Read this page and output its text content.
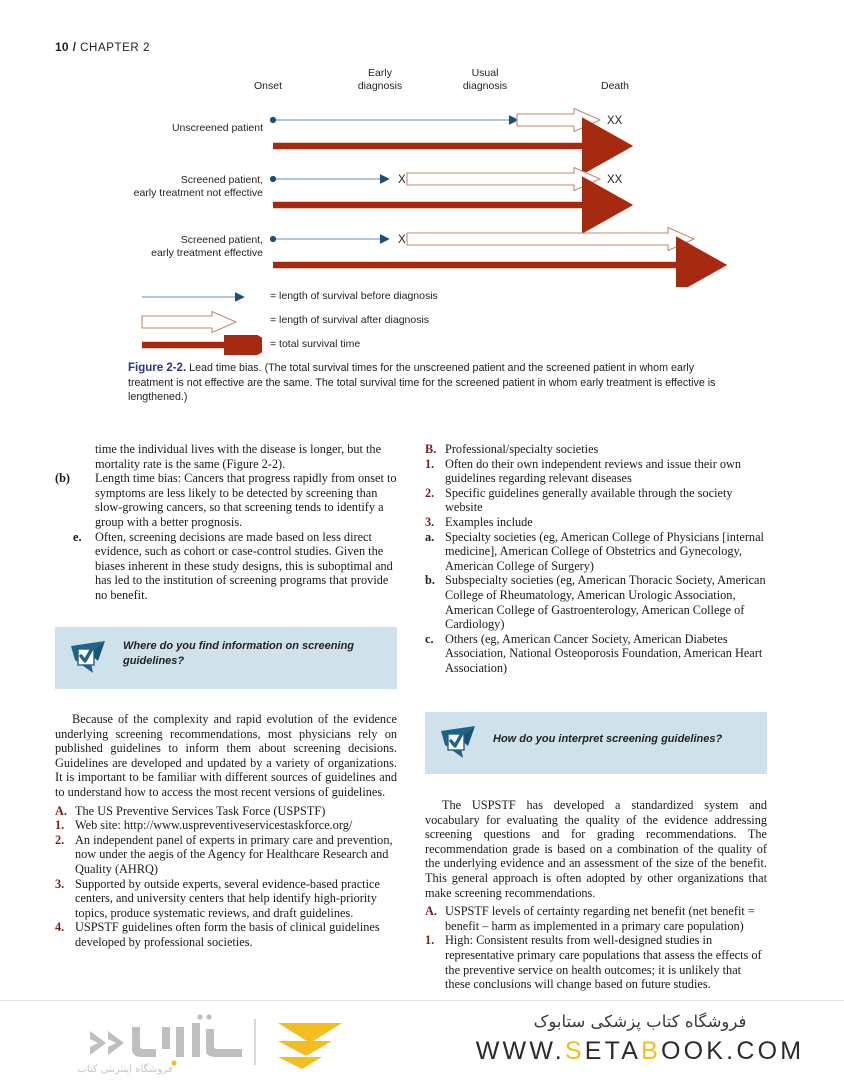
10 / CHAPTER 2
Onset
Early
diagnosis
Usual
diagnosis	Death
Unscreened patient
Screened patient,
early treatment not effective
Screened patient,
early treatment effective
XX
X	XX
X
= length of survival before diagnosis
= length of survival after diagnosis
= total survival time
Figure 2-2. Lead time bias. (The total survival times for the unscreened patient and the screened patient in whom early treatment is not effective are the same. The total survival time for the screened patient in whom early treatment is effective is lengthened.)
time the individual lives with the disease is longer, but the mortality rate is the same (Figure 2-2).
(b)	Length time bias: Cancers that progress rapidly from onset to symptoms are less likely to be detected by screening than slow-growing cancers, so that screening tends to identify a group with a better prognosis.
e.	Often, screening decisions are made based on less direct evidence, such as cohort or case-control studies. Given the biases inherent in these study designs, this is suboptimal and has led to the institution of screening programs that provide no benefit.
Where do you find information on screening guidelines?

Because of the complexity and rapid evolution of the evidence underlying screening recommendations, most physicians rely on published guidelines to inform them about screening decisions. Guidelines are developed and updated by a variety of organizations. It is important to be familiar with different sources of guidelines and to understand how to access the most recent versions of guidelines.

A. The US Preventive Services Task Force (USPSTF)
1. Web site: http://www.uspreventiveservicestaskforce.org/
2. An independent panel of experts in primary care and prevention, now under the aegis of the Agency for Healthcare Research and Quality (AHRQ)
3. Supported by outside experts, several evidence-based practice centers, and university centers that help identify high-priority topics, produce systematic reviews, and draft guidelines.
4. USPSTF guidelines often form the basis of clinical guidelines developed by professional societies.
B. Professional/specialty societies
1. Often do their own independent reviews and issue their own guidelines regarding relevant diseases
2. Specific guidelines generally available through the society website
3. Examples include
a. Specialty societies (eg, American College of Physicians [internal medicine], American College of Obstetrics and Gynecology, American College of Surgery)
b. Subspecialty societies (eg, American Thoracic Society, American College of Rheumatology, American Urologic Association, American College of Gastroenterology, American College of Cardiology)
c. Others (eg, American Cancer Society, American Diabetes Association, National Osteoporosis Foundation, American Heart Association)
How do you interpret screening guidelines?

The USPSTF has developed a standardized system and vocabulary for evaluating the quality of the evidence addressing screening questions and for grading recommendations. The recommendation grade is based on a combination of the quality of the underlying evidence and an assessment of the size of the benefit. This general approach is often adopted by other organizations that make screening recommendations.

A. USPSTF levels of certainty regarding net benefit (net benefit = benefit – harm as implemented in a primary care population)
1. High: Consistent results from well-designed studies in representative primary care populations that assess the effects of the preventive service on health outcomes; it is unlikely that these conclusions will change based on future studies.
فروشگاه اینترنتی کتاب
فروشگاه کتاب پزشکی ستابوک
WWW.SETABOOK.COM
